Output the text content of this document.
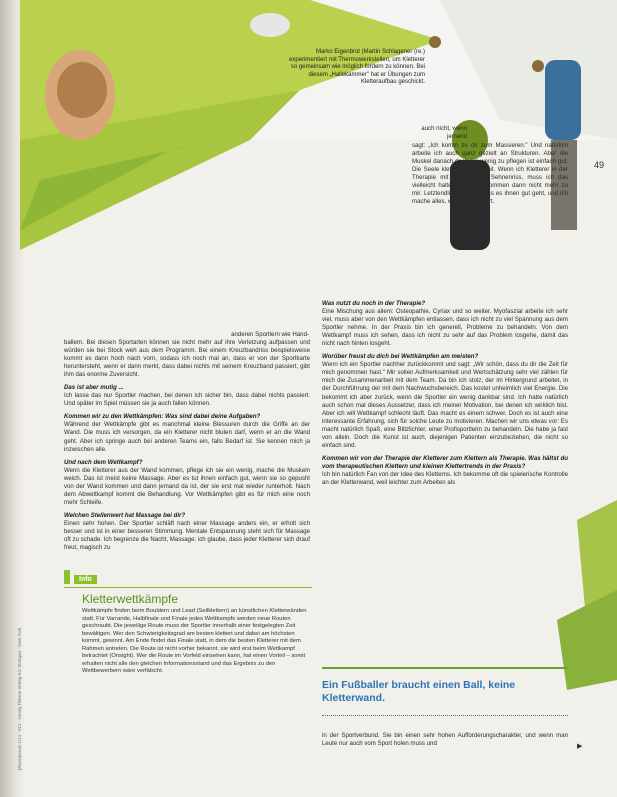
Marko Eigenbrot (Martin Schlagener (re.) experimentiert mit Thermowerkstellen, um Kletterer so gemeinsam wie möglich fordern zu können. Bei diesem „Hallekammer" hat er Übungen zum Kletteraufbau geschickt.
49
auch nicht, wenn jemand
anderen Sportlern wie Hand-

ballern. Bei diesen Sportarten können sie nicht mehr auf ihre Verletzung aufpassen und würden sie bei Stock weh aus dem Programm. Bei einem Kreuzbandriss beispielsweise kommt es dann hoch nach vorn, sodass ich noch mal an, dass er von der Sportkarte heruntersteht, wenn er dann merkt, dass dabei nichts mit seinem Kreuzband passiert, gibt ihm das enorme Zuversicht.

Das ist aber mutig ...
Ich lasse das nur Sportler machen, bei denen ich sicher bin, dass dabei nichts passiert. Und später im Spiel müssen sie ja auch fallen können.

Kommen wir zu den Wettkämpfen: Was sind dabei deine Aufgaben?
Während der Wettkämpfe gibt es manchmal kleine Blessuren durch die Griffe an der Wand. Die muss ich versorgen, da ein Kletterer nicht bluten darf, wenn er an die Wand geht. Aber ich springe auch bei anderen Teams ein, falls Bedarf ist. Sie kennen mich ja inzwischen alle.

Und nach dem Wettkampf?
Wenn die Kletterer aus der Wand kommen, pflege ich sie ein wenig, mache die Muskeln weich. Das ist meist keine Massage. Aber es tut ihnen einfach gut, wenn sie so gepusht von der Wand kommen und dann jemand da ist, der sie erst mal wieder runterholt. Nach dem Abwettkampf kommt die Behandlung. Vor Wettkämpfen gibt es für mich eine noch mehr Schleife.

Welchen Stellenwert hat Massage bei dir?
Einen sehr hohen. Der Sportler schläft nach einer Massage anders ein, er erholt sich besser und ist in einer besseren Stimmung. Mentale Entspannung steht sich für Massage oft zu schade. Ich begrenze die Nacht, Massage; ich glaube, dass jeder Kletterer sich drauf freut, magisch zu

sagt: „Ich komm zu dir zum Massieren." Und natürlich arbeite ich auch ganz gezielt an Strukturen. Aber die Muskel danach doch ein wenig zu pflegen ist einfach gut. Die Seele klettert ja auch mit. Wenn ich Kletterer in der Therapie mit Bänder und Sehnenriss, muss ich das vielleicht halten, aber sie kommen dann nicht mehr zu mir. Letztendlich will ich, dass es ihnen gut geht, und ich mache alles, was dazu gehört.

Was nutzt du noch in der Therapie?
Eine Mischung aus allem: Osteopathie, Cyriax und so weiter. Myofaszial arbeite ich sehr viel, muss aber von den Wettkämpfen entlassen, dass ich nicht zu viel Spannung aus dem Sportler nehme. In der Praxis bin ich generell, Probleme zu behandeln. Von dem Wettkampf muss ich sehen, dass ich nicht zu sehr auf das Problem losgehe, damit das nicht nach hinten losgeht.

Worüber freust du dich bei Wettkämpfen am meisten?
Wenn ich ein Sportler nachher zurückkommt und sagt: „Wir schön, dass du dir die Zeit für mich genommen hast." Mir sollen Aufmerksamkeit und Wertschätzung sehr viel zählen für mich die Zusammenarbeit mit dem Team. Da bin ich stolz, der im Hintergrund arbeitet, in der Durchführung der mit dem Nachwuchsbereich. Das kostet unheimlich viel Energie. Die bekommt ich aber zurück, wenn die Sportler ein wenig dankbar sind. Ich hatte natürlich auch schon mal dieses Aussetzer, dass ich meiner Motivation, bei denen ich wirklich bist. Aber ich will Wettkampf schlecht läuft. Das macht es einem schwer. Doch es ist auch eine interessante Erfahrung, sich für solche Leute zu motivieren. Machen wir uns etwas vor: Es macht natürlich Spaß, eine Blitzlichter, einer Profisportlerin zu behandeln. Die habe ja fast von allein. Doch die Kunst ist auch, diejenigen Patienten einzubeziehen, die nicht so einfach sind.

Kommen wir von der Therapie der Kletterer zum Klettern als Therapie. Was hältst du vom therapeutischen Klettern und kleinen Klettertrends in der Praxis?
Ich bin natürlich Fan von der Idee des Kletterns. Ich bekomme oft die spielerische Kontrolle an der Kletterwand, weil leichter zum Arbeiten als

Info
Kletterwettkämpfe
Wettkämpfe finden beim Bouldern und Lead (Seilklettern) an künstlichen Kletterwänden statt. Für Varrande, Halbfinale und Finale jedes Wettkampfs werden neue Routen geschraubt. Die jeweilige Route muss der Sportler innerhalb einer festgelegten Zeit bewältigen. Wer den Schwierigkeitsgrad am besten klettert und dabei am höchsten kommt, gewinnt. Am Ende findet das Finale statt, in dem die besten Kletterer mit dem Rahmen antreten. Die Route ist nicht vorher bekannt, sie wird erst beim Wettkampf betrachtet (Onsight). Wer die Route im Vorfeld einsehen kann, hat einen Vorteil – somit erhalten nicht alle den gleichen Informationsstand und das Ergebnis zu den Wettbewerbern wäre verfälscht.
Ein Fußballer braucht einen Ball, keine Kletterwand.
in der Sportverbund. Sie bin einen sehr hohen Aufforderungscharakter, und wenn man Leute nur auch vom Sport holen muss und	▶
physiopraxis 1/14 · 012 · Georg Thieme Verlag KG Stuttgart · New York
